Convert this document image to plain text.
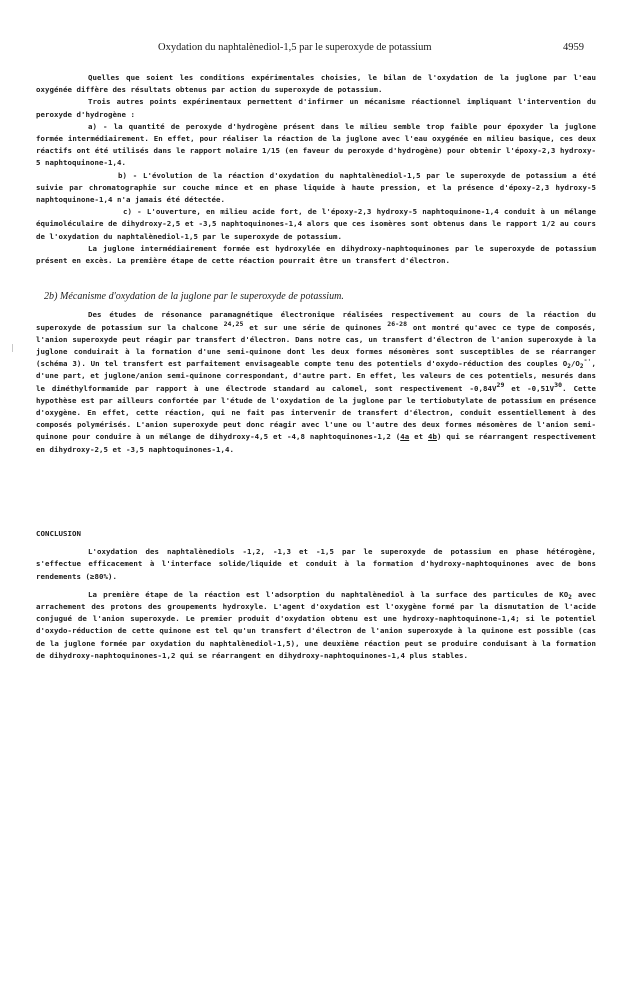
Oxydation du naphtalènediol-1,5 par le superoxyde de potassium	4959

Quelles que soient les conditions expérimentales choisies, le bilan de l'oxydation de la juglone par l'eau oxygénée diffère des résultats obtenus par action du superoxyde de potassium.

Trois autres points expérimentaux permettent d'infirmer un mécanisme réactionnel impliquant l'intervention du peroxyde d'hydrogène :

a) - la quantité de peroxyde d'hydrogène présent dans le milieu semble trop faible pour époxyder la juglone formée intermédiairement. En effet, pour réaliser la réaction de la juglone avec l'eau oxygénée en milieu basique, ces deux réactifs ont été utilisés dans le rapport molaire 1/15 (en faveur du peroxyde d'hydrogène) pour obtenir l'époxy-2,3 hydroxy-5 naphtoquinone-1,4.

b) - L'évolution de la réaction d'oxydation du naphtalènediol-1,5 par le superoxyde de potassium a été suivie par chromatographie sur couche mince et en phase liquide à haute pression, et la présence d'époxy-2,3 hydroxy-5 naphtoquinone-1,4 n'a jamais été détectée.

c) - L'ouverture, en milieu acide fort, de l'époxy-2,3 hydroxy-5 naphtoquinone-1,4 conduit à un mélange équimoléculaire de dihydroxy-2,5 et -3,5 naphtoquinones-1,4 alors que ces isomères sont obtenus dans le rapport 1/2 au cours de l'oxydation du naphtalènediol-1,5 par le superoxyde de potassium.

La juglone intermédiairement formée est hydroxylée en dihydroxy-naphtoquinones par le superoxyde de potassium présent en excès. La première étape de cette réaction pourrait être un transfert d'électron.

2b) Mécanisme d'oxydation de la juglone par le superoxyde de potassium.

Des études de résonance paramagnétique électronique réalisées respectivement au cours de la réaction du superoxyde de potassium sur la chalcone $^{24,25}$ et sur une série de quinones $^{26-28}$ ont montré qu'avec ce type de composés, l'anion superoxyde peut réagir par transfert d'électron. Dans notre cas, un transfert d'électron de l'anion superoxyde à la juglone conduirait à la formation d'une semi-quinone dont les deux formes mésomères sont susceptibles de se réarranger (schéma 3). Un tel transfert est parfaitement envisageable compte tenu des potentiels d'oxydo-réduction des couples $O_2/O_2^{-\cdot}$, d'une part, et juglone/anion semi-quinone correspondant, d'autre part. En effet, les valeurs de ces potentiels, mesurés dans le diméthylformamide par rapport à une électrode standard au calomel, sont respectivement $-0,84V^{29}$ et $-0,51V^{30}$. Cette hypothèse est par ailleurs confortée par l'étude de l'oxydation de la juglone par le tertiobutylate de potassium en présence d'oxygène. En effet, cette réaction, qui ne fait pas intervenir de transfert d'électron, conduit essentiellement à des composés polymérisés. L'anion superoxyde peut donc réagir avec l'une ou l'autre des deux formes mésomères de l'anion semi-quinone pour conduire à un mélange de dihydroxy-4,5 et -4,8 naphtoquinones-1,2 (4a et 4b) qui se réarrangent respectivement en dihydroxy-2,5 et -3,5 naphtoquinones-1,4.

CONCLUSION

L'oxydation des naphtalènediols -1,2, -1,3 et -1,5 par le superoxyde de potassium en phase hétérogène, s'effectue efficacement à l'interface solide/liquide et conduit à la formation d'hydroxy-naphtoquinones avec de bons rendements (≥80%).

La première étape de la réaction est l'adsorption du naphtalènediol à la surface des particules de $KO_2$ avec arrachement des protons des groupements hydroxyle. L'agent d'oxydation est l'oxygène formé par la dismutation de l'acide conjugué de l'anion superoxyde. Le premier produit d'oxydation obtenu est une hydroxy-naphtoquinone-1,4; si le potentiel d'oxydo-réduction de cette quinone est tel qu'un transfert d'électron de l'anion superoxyde à la quinone est possible (cas de la juglone formée par oxydation du naphtalènediol-1,5), une deuxième réaction peut se produire conduisant à la formation de dihydroxy-naphtoquinones-1,2 qui se réarrangent en dihydroxy-naphtoquinones-1,4 plus stables.
